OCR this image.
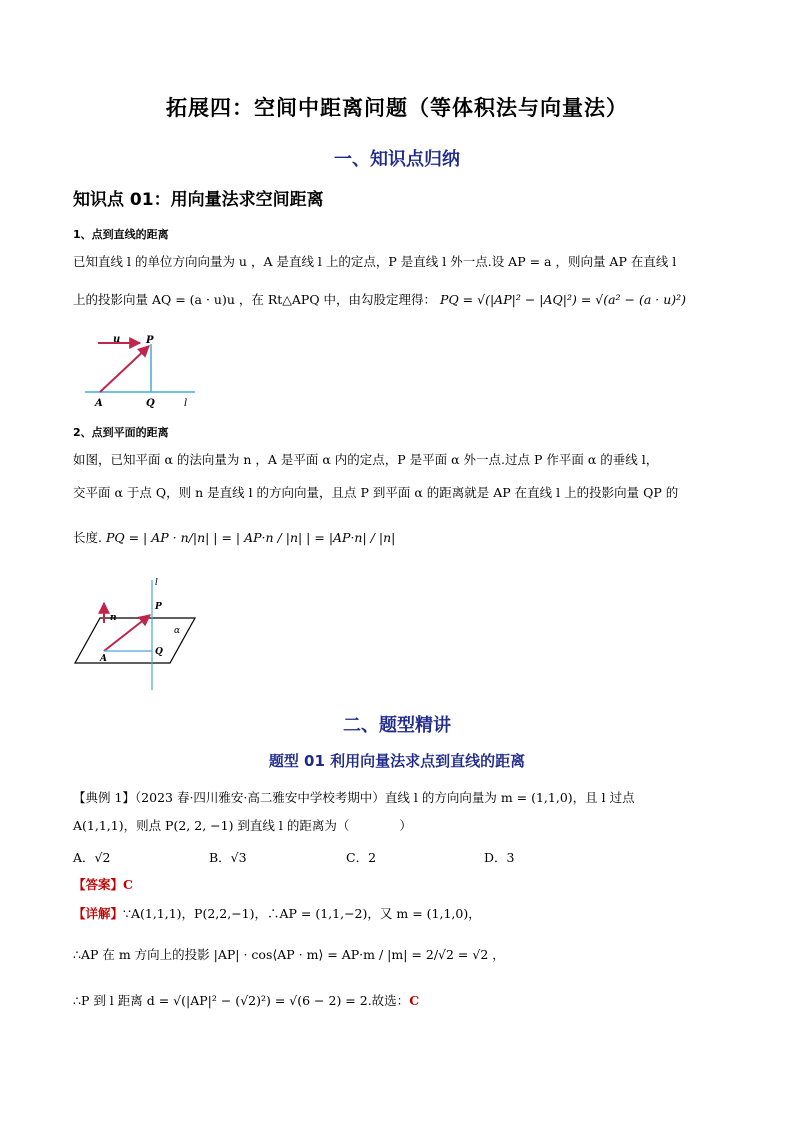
拓展四：空间中距离问题（等体积法与向量法）
一、知识点归纳
知识点 01：用向量法求空间距离
1、点到直线的距离
已知直线 l 的单位方向向量为 u ，A 是直线 l 上的定点，P 是直线 l 外一点.设 AP = a ，则向量 AP 在直线 l
上的投影向量 AQ = (a · u)u ，在 Rt△APQ 中，由勾股定理得： PQ = √(|AP|² − |AQ|²) = √(a² − (a · u)²)
u	P
A	Q	l
2、点到平面的距离
如图，已知平面 α 的法向量为 n ，A 是平面 α 内的定点，P 是平面 α 外一点.过点 P 作平面 α 的垂线 l，
交平面 α 于点 Q，则 n 是直线 l 的方向向量，且点 P 到平面 α 的距离就是 AP 在直线 l 上的投影向量 QP 的
长度. PQ = | AP · n/|n| | = | AP·n / |n| | = |AP·n| / |n|
l
n
P
α
A
Q
二、题型精讲
题型 01 利用向量法求点到直线的距离
【典例 1】（2023 春·四川雅安·高二雅安中学校考期中）直线 l 的方向向量为 m = (1,1,0)，且 l 过点
A(1,1,1)，则点 P(2, 2, −1) 到直线 l 的距离为（　　　　）
A．√2	B．√3	C．2	D．3
【答案】C
【详解】∵A(1,1,1)，P(2,2,−1)，∴AP = (1,1,−2)，又 m = (1,1,0)，
∴AP 在 m 方向上的投影 |AP| · cos⟨AP · m⟩ = AP·m / |m| = 2/√2 = √2 ，
∴P 到 l 距离 d = √(|AP|² − (√2)²) = √(6 − 2) = 2.故选：C
